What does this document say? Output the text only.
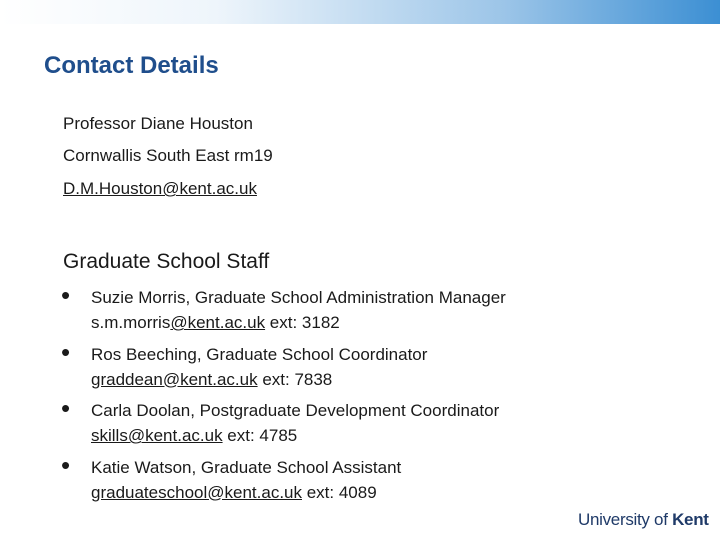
Contact Details
Professor Diane Houston
Cornwallis South East rm19
D.M.Houston@kent.ac.uk
Graduate School Staff
• Suzie Morris, Graduate School Administration Manager
s.m.morris@kent.ac.uk ext: 3182
• Ros Beeching, Graduate School Coordinator
graddean@kent.ac.uk ext: 7838
• Carla Doolan, Postgraduate Development Coordinator
skills@kent.ac.uk ext: 4785
• Katie Watson, Graduate School Assistant
graduateschool@kent.ac.uk ext: 4089
University of Kent
